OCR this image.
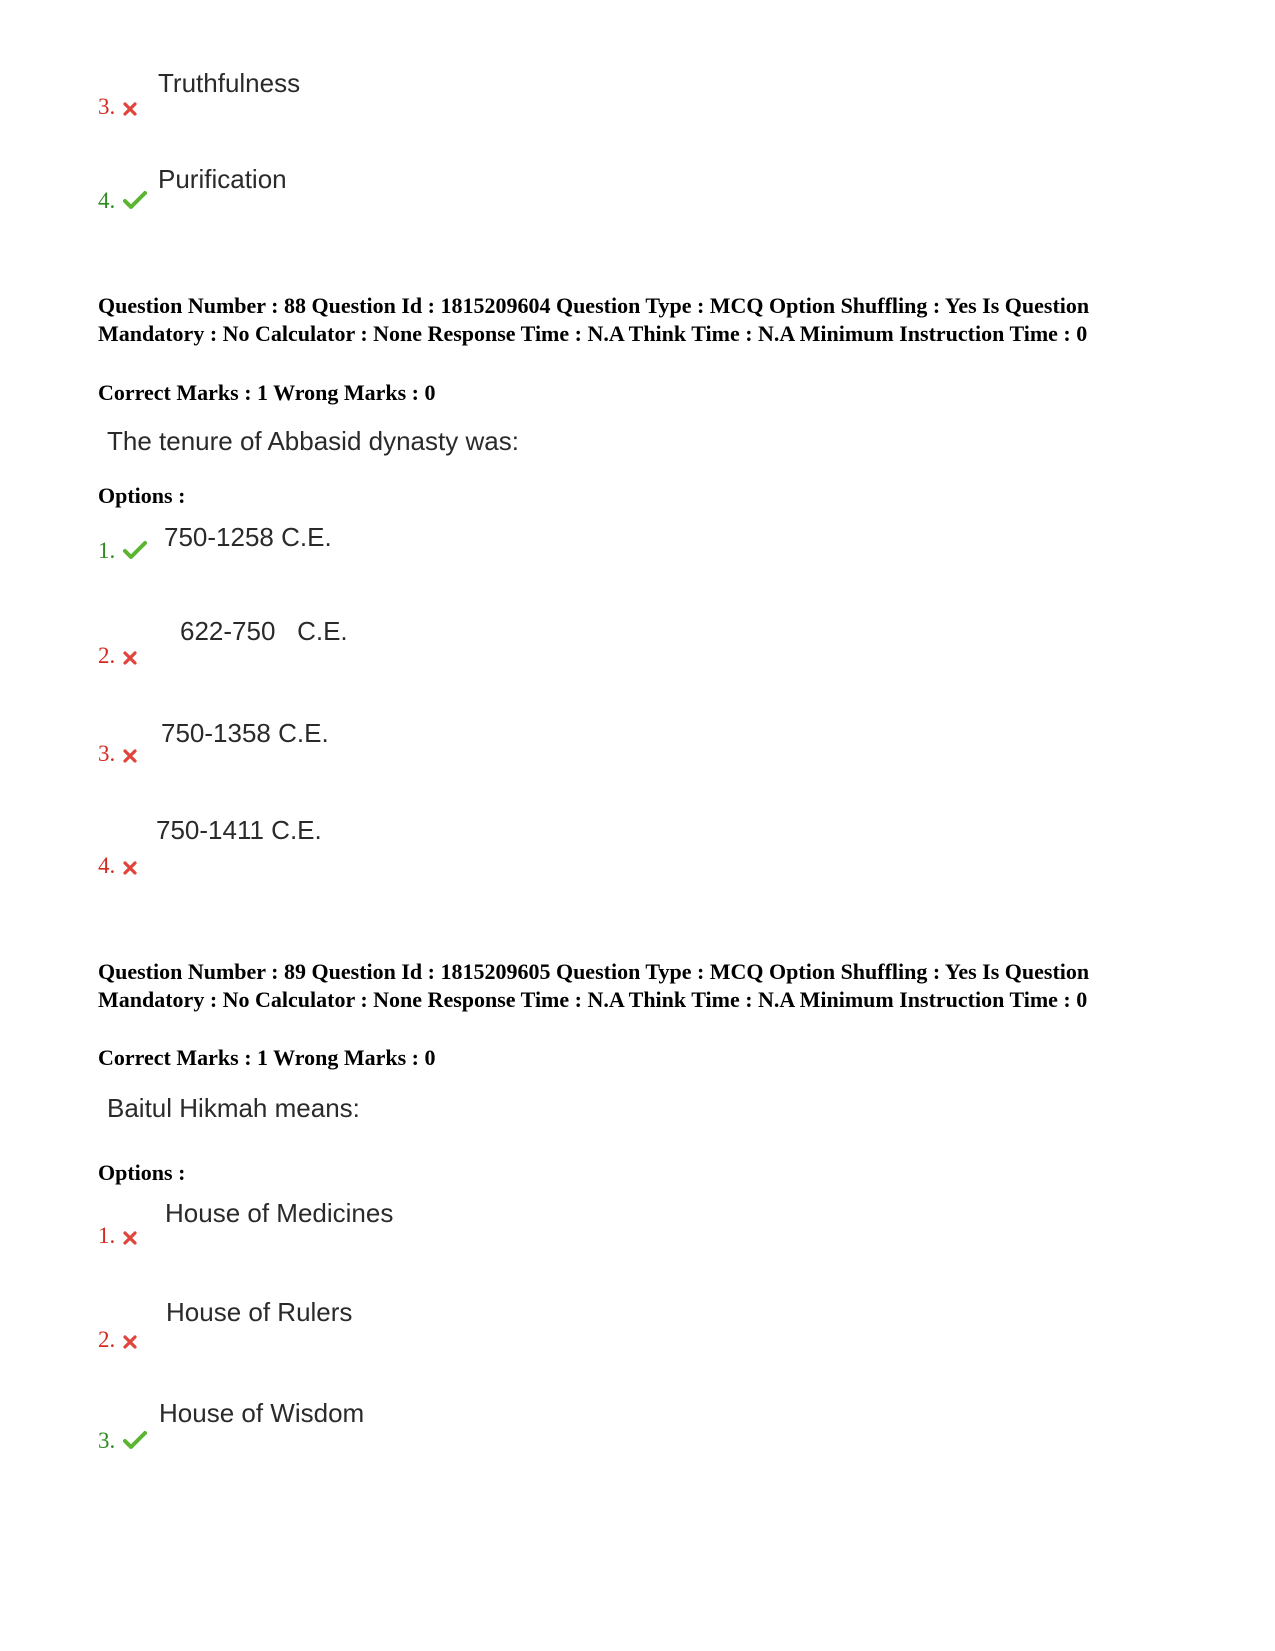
Truthfulness
3.
Purification
4.

Question Number : 88 Question Id : 1815209604 Question Type : MCQ Option Shuffling : Yes Is Question Mandatory : No Calculator : None Response Time : N.A Think Time : N.A Minimum Instruction Time : 0

Correct Marks : 1 Wrong Marks : 0
The tenure of Abbasid dynasty was:
Options :
750-1258 C.E.
1.
622-750   C.E.
2.
750-1358 C.E.
3.
750-1411 C.E.
4.

Question Number : 89 Question Id : 1815209605 Question Type : MCQ Option Shuffling : Yes Is Question Mandatory : No Calculator : None Response Time : N.A Think Time : N.A Minimum Instruction Time : 0

Correct Marks : 1 Wrong Marks : 0
Baitul Hikmah means:
Options :
House of Medicines
1.
House of Rulers
2.
House of Wisdom
3.
